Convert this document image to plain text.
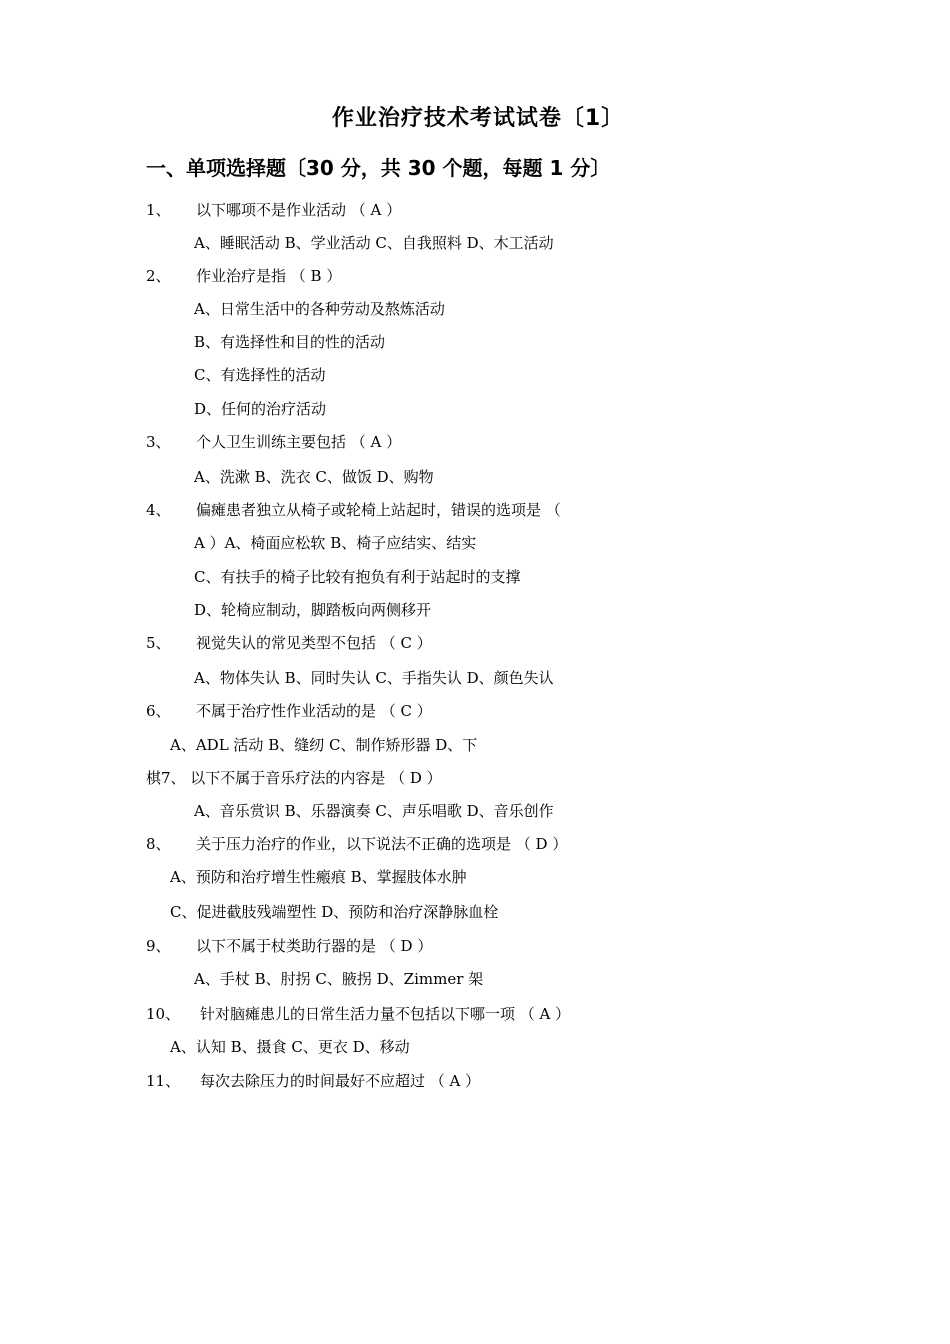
作业治疗技术考试试卷〔1〕
一、单项选择题〔30 分，共 30 个题，每题 1 分〕
1、 以下哪项不是作业活动 （ A ）
A、睡眠活动 B、学业活动 C、自我照料 D、木工活动
2、 作业治疗是指 （ B ）
A、日常生活中的各种劳动及熬炼活动
B、有选择性和目的性的活动
C、有选择性的活动
D、任何的治疗活动
3、 个人卫生训练主要包括 （ A ）
A、洗漱 B、洗衣 C、做饭 D、购物
4、 偏瘫患者独立从椅子或轮椅上站起时，错误的选项是 （
A ）A、椅面应松软 B、椅子应结实、结实
C、有扶手的椅子比较有抱负有利于站起时的支撑
D、轮椅应制动，脚踏板向两侧移开
5、 视觉失认的常见类型不包括 （ C ）
A、物体失认 B、同时失认 C、手指失认 D、颜色失认
6、 不属于治疗性作业活动的是 （ C ）
A、ADL 活动 B、缝纫 C、制作矫形器 D、下
棋7、 以下不属于音乐疗法的内容是 （ D ）
A、音乐赏识 B、乐器演奏 C、声乐唱歌 D、音乐创作
8、 关于压力治疗的作业，以下说法不正确的选项是 （ D ）
A、预防和治疗增生性瘢痕 B、掌握肢体水肿
C、促进截肢残端塑性 D、预防和治疗深静脉血栓
9、 以下不属于杖类助行器的是 （ D ）
A、手杖 B、肘拐 C、腋拐 D、Zimmer 架
10、 针对脑瘫患儿的日常生活力量不包括以下哪一项 （ A ）
A、认知 B、摄食 C、更衣 D、移动
11、 每次去除压力的时间最好不应超过 （ A ）
